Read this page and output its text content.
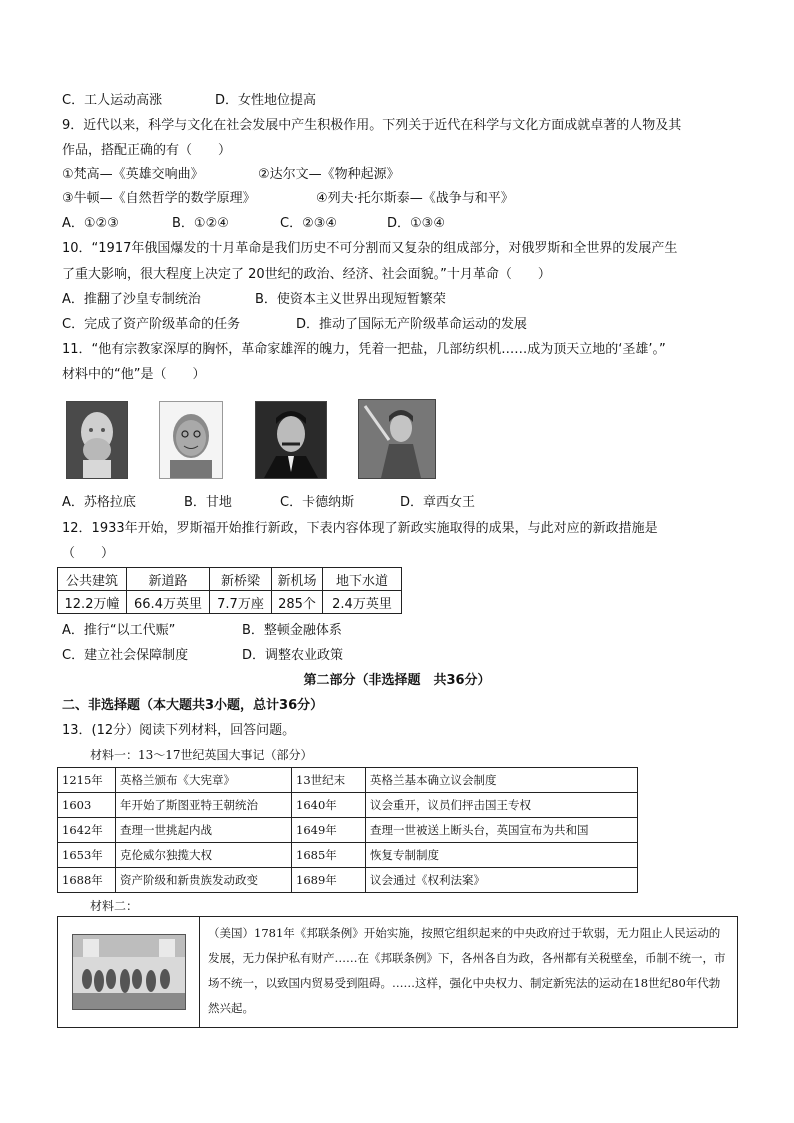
C．工人运动高涨	D．女性地位提高
9．近代以来，科学与文化在社会发展中产生积极作用。下列关于近代在科学与文化方面成就卓著的人物及其
作品，搭配正确的有（　　）
①梵高—《英雄交响曲》	②达尔文—《物种起源》
③牛顿—《自然哲学的数学原理》	④列夫·托尔斯泰—《战争与和平》
A．①②③	B．①②④	C．②③④	D．①③④
10．“1917年俄国爆发的十月革命是我们历史不可分割而又复杂的组成部分，对俄罗斯和全世界的发展产生
了重大影响，很大程度上决定了 20世纪的政治、经济、社会面貌。”十月革命（　　）
A．推翻了沙皇专制统治	B．使资本主义世界出现短暂繁荣
C．完成了资产阶级革命的任务	D．推动了国际无产阶级革命运动的发展
11．“他有宗教家深厚的胸怀，革命家雄浑的魄力，凭着一把盐，几部纺织机……成为顶天立地的‘圣雄’。”
材料中的“他”是（　　）
A．苏格拉底	B．甘地	C．卡德纳斯	D．章西女王
12．1933年开始，罗斯福开始推行新政，下表内容体现了新政实施取得的成果，与此对应的新政措施是
（　　）
公共建筑	新道路	新桥梁	新机场	地下水道
12.2万幢	66.4万英里	7.7万座	285个	2.4万英里
A．推行“以工代赈”	B．整顿金融体系
C．建立社会保障制度	D．调整农业政策
第二部分（非选择题　共36分）
二、非选择题（本大题共3小题，总计36分）
13．(12分）阅读下列材料，回答问题。
材料一：13～17世纪英国大事记（部分）
1215年	英格兰颁布《大宪章》	13世纪末	英格兰基本确立议会制度
1603	年开始了斯图亚特王朝统治	1640年	议会重开，议员们抨击国王专权
1642年	查理一世挑起内战	1649年	查理一世被送上断头台，英国宣布为共和国
1653年	克伦威尔独揽大权	1685年	恢复专制制度
1688年	资产阶级和新贵族发动政变	1689年	议会通过《权利法案》
材料二：
（美国）1781年《邦联条例》开始实施，按照它组织起来的中央政府过于软弱，无力阻止人民运动的发展，无力保护私有财产……在《邦联条例》下，各州各自为政，各州都有关税壁垒，币制不统一，市场不统一，以致国内贸易受到阻碍。……这样，强化中央权力、制定新宪法的运动在18世纪80年代勃然兴起。
